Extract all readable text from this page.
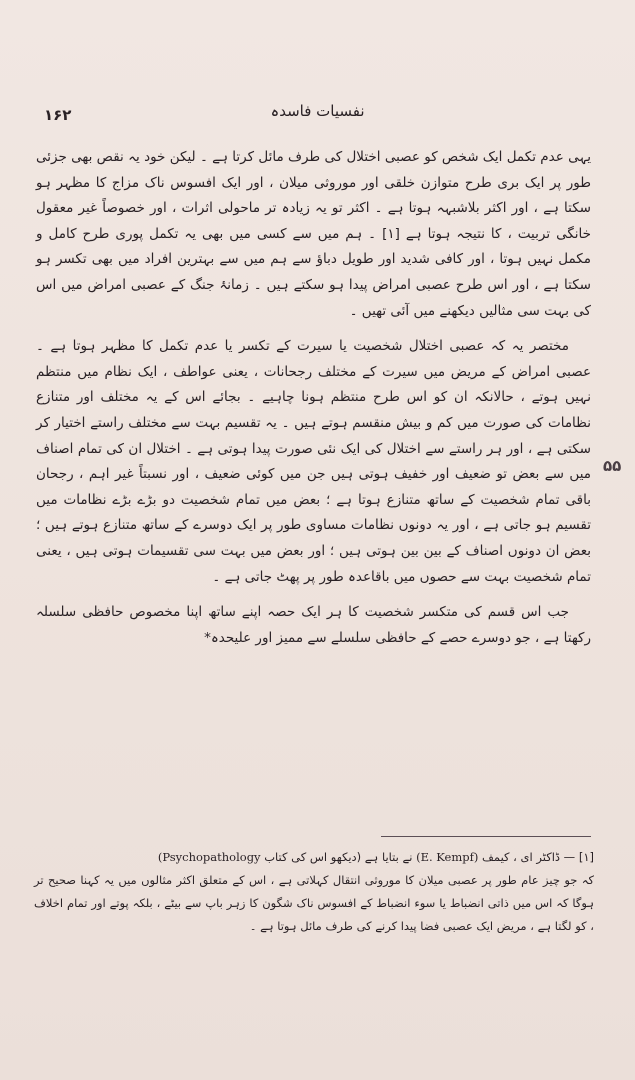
۱۶۲	نفسیات فاسدہ
۵۵

یہی عدم تکمل ایک شخص کو عصبی اختلال کی طرف مائل کرتا ہے ۔ لیکن خود یہ نقص بھی جزئی طور پر ایک بری طرح متوازن خلقی اور موروثی میلان ، اور ایک افسوس ناک مزاج کا مظہر ہو سکتا ہے ، اور اکثر بلاشبہہ ہوتا ہے ۔ اکثر تو یہ زیادہ تر ماحولی اثرات ، اور خصوصاً غیر معقول خانگی تربیت ، کا نتیجہ ہوتا ہے [۱] ۔ ہم میں سے کسی میں بھی یہ تکمل پوری طرح کامل و مکمل نہیں ہوتا ، اور کافی شدید اور طویل دباؤ سے ہم میں سے بہترین افراد میں بھی تکسر ہو سکتا ہے ، اور اس طرح عصبی امراض پیدا ہو سکتے ہیں ۔ زمانۂ جنگ کے عصبی امراض میں اس کی بہت سی مثالیں دیکھنے میں آئی تھیں ۔

مختصر یہ کہ عصبی اختلال شخصیت یا سیرت کے تکسر یا عدم تکمل کا مظہر ہوتا ہے ۔ عصبی امراض کے مریض میں سیرت کے مختلف رجحانات ، یعنی عواطف ، ایک نظام میں منتظم نہیں ہوتے ، حالانکہ ان کو اس طرح منتظم ہونا چاہیے ۔ بجائے اس کے یہ مختلف اور متنازع نظامات کی صورت میں کم و بیش منقسم ہوتے ہیں ۔ یہ تقسیم بہت سے مختلف راستے اختیار کر سکتی ہے ، اور ہر راستے سے اختلال کی ایک نئی صورت پیدا ہوتی ہے ۔ اختلال ان کی تمام اصناف میں سے بعض تو ضعیف اور خفیف ہوتی ہیں جن میں کوئی ضعیف ، اور نسبتاً غیر اہم ، رجحان باقی تمام شخصیت کے ساتھ متنازع ہوتا ہے ؛ بعض میں تمام شخصیت دو بڑے بڑے نظامات میں تقسیم ہو جاتی ہے ، اور یہ دونوں نظامات مساوی طور پر ایک دوسرے کے ساتھ متنازع ہوتے ہیں ؛ بعض ان دونوں اصناف کے بین بین ہوتی ہیں ؛ اور بعض میں بہت سی تقسیمات ہوتی ہیں ، یعنی تمام شخصیت بہت سے حصوں میں باقاعدہ طور پر پھٹ جاتی ہے ۔

جب اس قسم کی متکسر شخصیت کا ہر ایک حصہ اپنے ساتھ اپنا مخصوص حافظی سلسلہ رکھتا ہے ، جو دوسرے حصے کے حافظی سلسلے سے ممیز اور علیحدہ*

[۱] — ڈاکٹر ای ، کیمف (E. Kempf) نے بتایا ہے (دیکھو اس کی کتاب (Psychopathology
کہ جو چیز عام طور پر عصبی میلان کا موروثی انتقال کہلاتی ہے ، اس کے متعلق اکثر مثالوں میں یہ کہنا صحیح تر ہوگا کہ اس میں ذاتی انضباط یا سوء انضباط کے افسوس ناک شگون کا زہر باپ سے بیٹے ، بلکہ پوتے اور تمام اخلاف ، کو لگتا ہے ، مریض ایک عصبی فضا پیدا کرنے کی طرف مائل ہوتا ہے ۔
